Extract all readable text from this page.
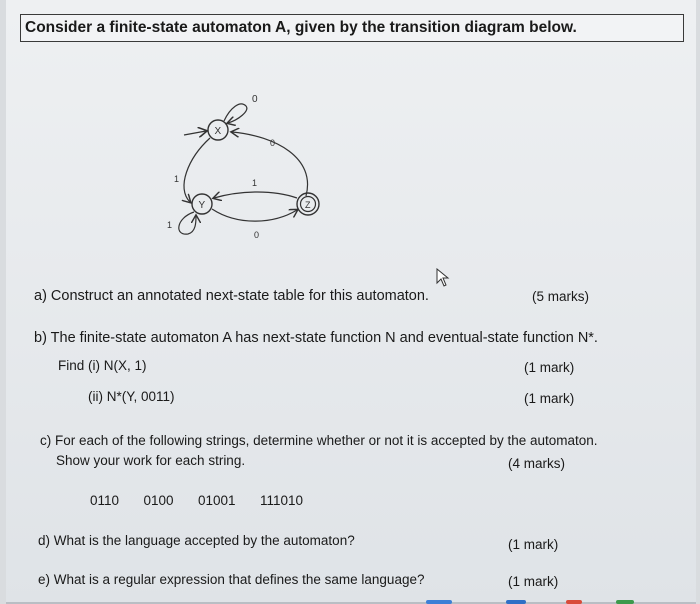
Consider a finite-state automaton A, given by the transition diagram below.
X
0
0
1
Y
1
Z
1
0
a) Construct an annotated next-state table for this automaton.	(5 marks)
b) The finite-state automaton A has next-state function N and eventual-state function N*.
Find (i) N(X, 1)	(1 mark)
(ii) N*(Y, 0011)	(1 mark)
c) For each of the following strings, determine whether or not it is accepted by the automaton.
Show your work for each string.	(4 marks)
0110 0100 01001 111010
d) What is the language accepted by the automaton?	(1 mark)
e) What is a regular expression that defines the same language?	(1 mark)
